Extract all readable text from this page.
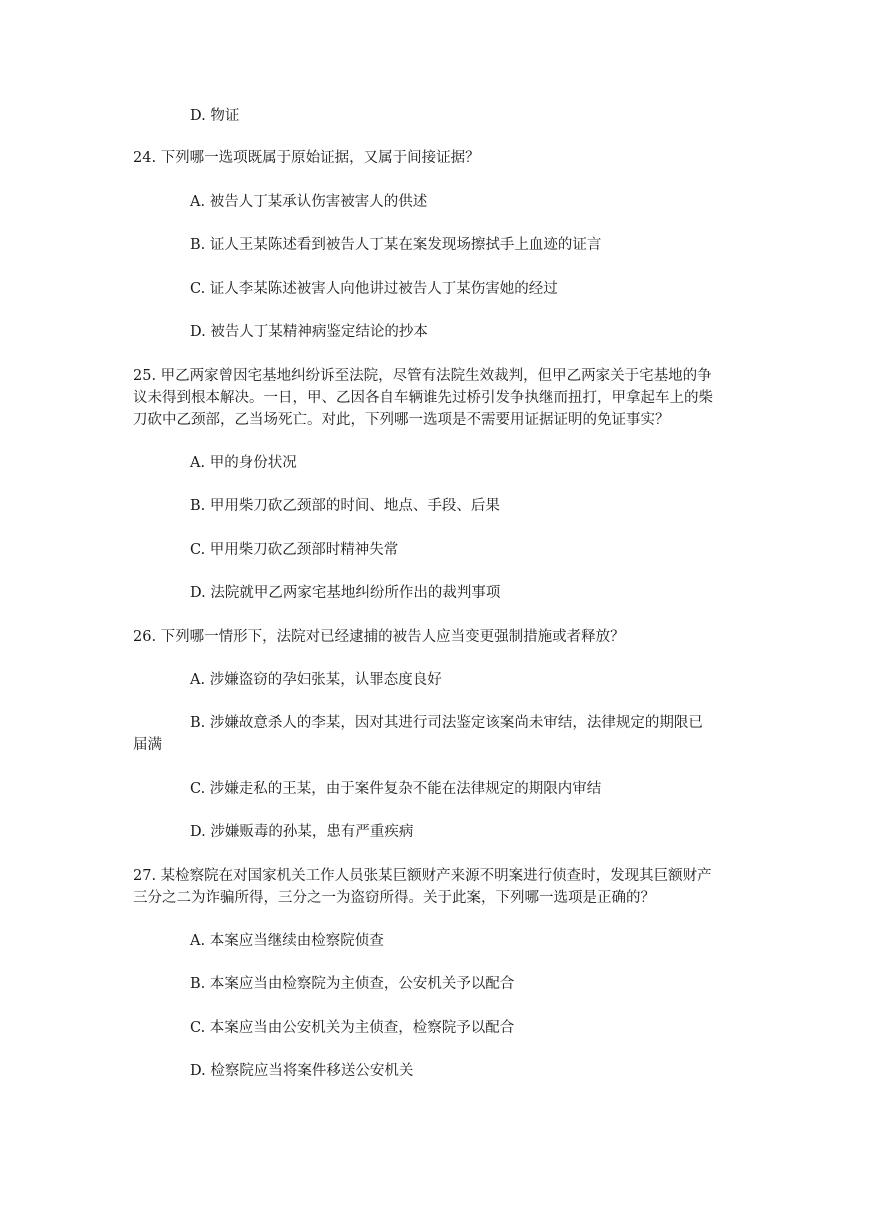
D. 物证
24. 下列哪一选项既属于原始证据，又属于间接证据？
A. 被告人丁某承认伤害被害人的供述
B. 证人王某陈述看到被告人丁某在案发现场擦拭手上血迹的证言
C. 证人李某陈述被害人向他讲过被告人丁某伤害她的经过
D. 被告人丁某精神病鉴定结论的抄本
25. 甲乙两家曾因宅基地纠纷诉至法院，尽管有法院生效裁判，但甲乙两家关于宅基地的争
议未得到根本解决。一日，甲、乙因各自车辆谁先过桥引发争执继而扭打，甲拿起车上的柴
刀砍中乙颈部，乙当场死亡。对此，下列哪一选项是不需要用证据证明的免证事实？
A. 甲的身份状况
B. 甲用柴刀砍乙颈部的时间、地点、手段、后果
C. 甲用柴刀砍乙颈部时精神失常
D. 法院就甲乙两家宅基地纠纷所作出的裁判事项
26. 下列哪一情形下，法院对已经逮捕的被告人应当变更强制措施或者释放？
A. 涉嫌盗窃的孕妇张某，认罪态度良好
B. 涉嫌故意杀人的李某，因对其进行司法鉴定该案尚未审结，法律规定的期限已
届满
C. 涉嫌走私的王某，由于案件复杂不能在法律规定的期限内审结
D. 涉嫌贩毒的孙某，患有严重疾病
27. 某检察院在对国家机关工作人员张某巨额财产来源不明案进行侦查时，发现其巨额财产
三分之二为诈骗所得，三分之一为盗窃所得。关于此案，下列哪一选项是正确的？
A. 本案应当继续由检察院侦查
B. 本案应当由检察院为主侦查，公安机关予以配合
C. 本案应当由公安机关为主侦查，检察院予以配合
D. 检察院应当将案件移送公安机关
